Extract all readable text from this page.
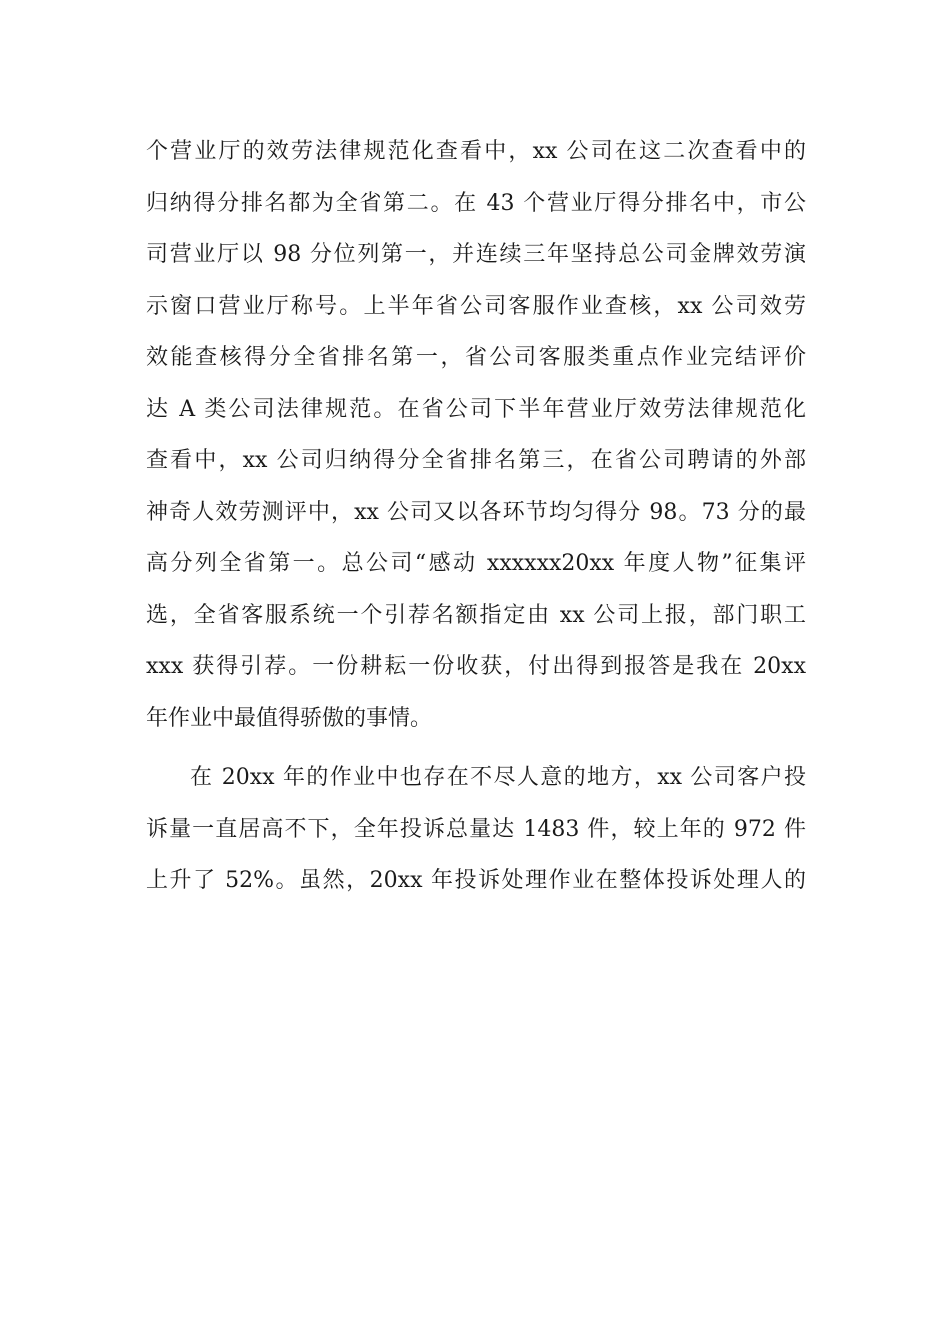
个营业厅的效劳法律规范化查看中，xx 公司在这二次查看中的
归纳得分排名都为全省第二。在 43 个营业厅得分排名中，市公
司营业厅以 98 分位列第一，并连续三年坚持总公司金牌效劳演
示窗口营业厅称号。上半年省公司客服作业查核，xx 公司效劳
效能查核得分全省排名第一，省公司客服类重点作业完结评价
达 A 类公司法律规范。在省公司下半年营业厅效劳法律规范化
查看中，xx 公司归纳得分全省排名第三，在省公司聘请的外部
神奇人效劳测评中，xx 公司又以各环节均匀得分 98。73 分的最
高分列全省第一。总公司“感动 xxxxxx20xx 年度人物”征集评
选，全省客服系统一个引荐名额指定由 xx 公司上报，部门职工
xxx 获得引荐。一份耕耘一份收获，付出得到报答是我在 20xx
年作业中最值得骄傲的事情。
在 20xx 年的作业中也存在不尽人意的地方，xx 公司客户投
诉量一直居高不下，全年投诉总量达 1483 件，较上年的 972 件
上升了 52%。虽然，20xx 年投诉处理作业在整体投诉处理人的
